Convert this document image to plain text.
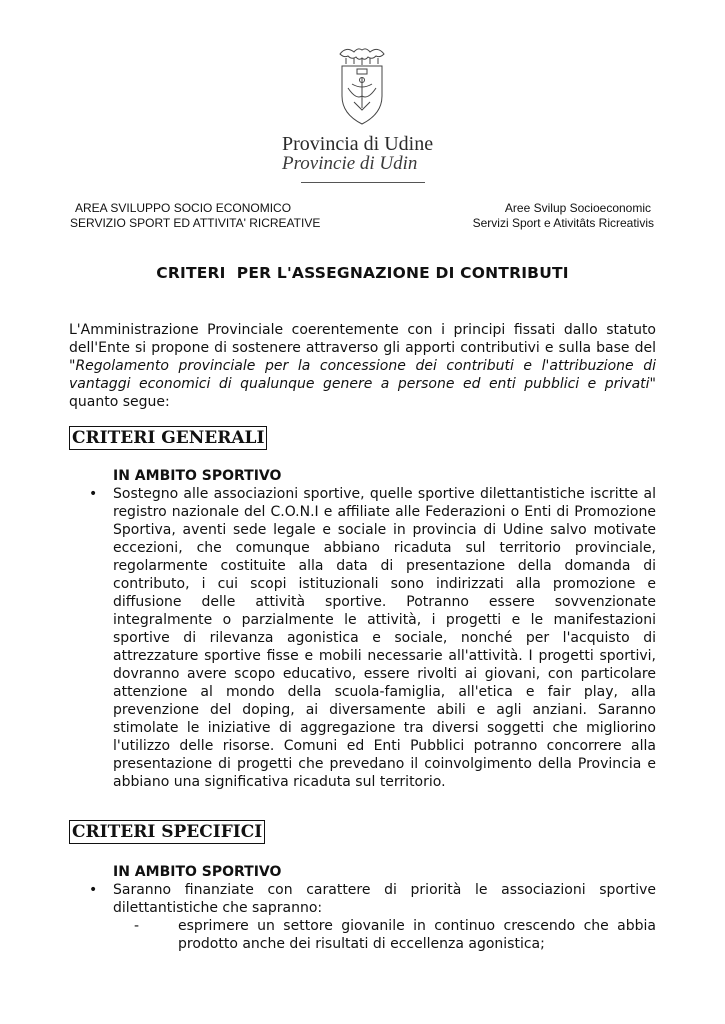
Provincia di Udine
Provincie di Udin
AREA SVILUPPO SOCIO ECONOMICO
SERVIZIO SPORT ED ATTIVITA' RICREATIVE
Aree Svilup Socioeconomic
Servizi Sport e Ativitâts Ricreativis
CRITERI  PER L'ASSEGNAZIONE DI CONTRIBUTI
L'Amministrazione Provinciale coerentemente con i principi fissati dallo statuto dell'Ente si propone di sostenere attraverso gli apporti contributivi e sulla base del "Regolamento provinciale per la concessione dei contributi e l'attribuzione di vantaggi economici di qualunque genere a persone ed enti pubblici e privati" quanto segue:
CRITERI GENERALI
IN AMBITO SPORTIVO
• Sostegno alle associazioni sportive, quelle sportive dilettantistiche iscritte al registro nazionale del C.O.N.I e affiliate alle Federazioni o Enti di Promozione Sportiva, aventi sede legale e sociale in provincia di Udine salvo motivate eccezioni, che comunque abbiano ricaduta sul territorio provinciale, regolarmente costituite alla data di presentazione della domanda di contributo, i cui scopi istituzionali sono indirizzati alla promozione e diffusione delle attività sportive. Potranno essere sovvenzionate integralmente o parzialmente le attività, i progetti e le manifestazioni sportive di rilevanza agonistica e sociale, nonché per l'acquisto di attrezzature sportive fisse e mobili necessarie all'attività. I progetti sportivi, dovranno avere scopo educativo, essere rivolti ai giovani, con particolare attenzione al mondo della scuola-famiglia, all'etica e fair play, alla prevenzione del doping, ai diversamente abili e agli anziani. Saranno stimolate le iniziative di aggregazione tra diversi soggetti che migliorino l'utilizzo delle risorse. Comuni ed Enti Pubblici potranno concorrere alla presentazione di progetti che prevedano il coinvolgimento della Provincia e abbiano una significativa ricaduta sul territorio.
CRITERI SPECIFICI
IN AMBITO SPORTIVO
• Saranno finanziate con carattere di priorità le associazioni sportive dilettantistiche che sapranno:
-	esprimere un settore giovanile in continuo crescendo che abbia prodotto anche dei risultati di eccellenza agonistica;
